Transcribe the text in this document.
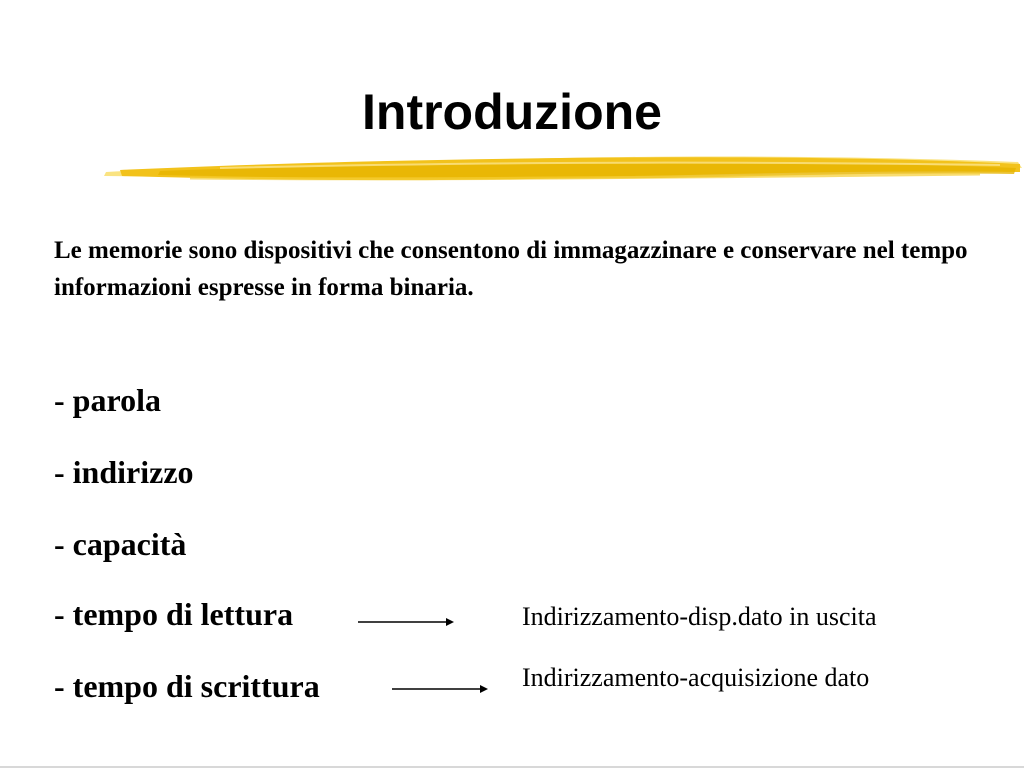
Introduzione

Le memorie sono dispositivi che consentono di immagazzinare e conservare nel tempo informazioni espresse in forma binaria.

- parola

- indirizzo

- capacità

- tempo di lettura

- tempo di scrittura

Indirizzamento-disp.dato in uscita

Indirizzamento-acquisizione dato
